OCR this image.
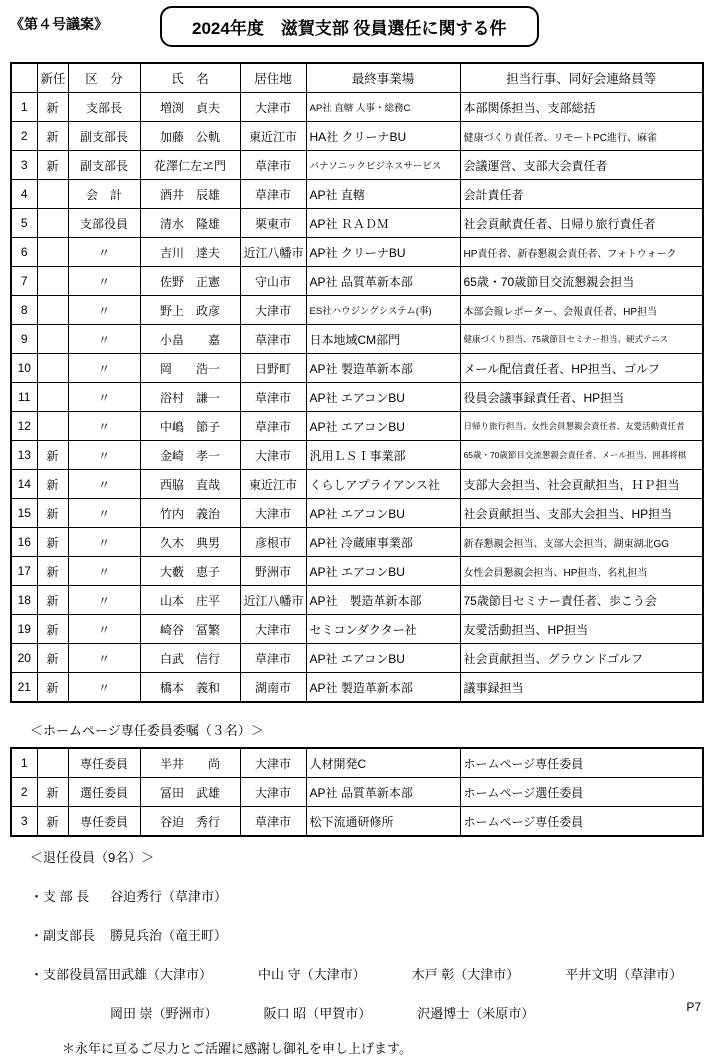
《第４号議案》	2024年度　滋賀支部 役員選任に関する件
	新任	区　分	氏　名	居住地	最終事業場	担当行事、同好会連絡員等
1	新	支部長	増渕　貞夫	大津市	AP社 直轄 人事・総務C	本部関係担当、支部総括
2	新	副支部長	加藤　公軌	東近江市	HA社 クリーナBU	健康づくり責任者、リモートPC進行、麻雀
3	新	副支部長	花澤仁左ヱ門	草津市	パナソニックビジネスサービス	会議運営、支部大会責任者
4		会　計	酒井　辰雄	草津市	AP社 直轄	会計責任者
5		支部役員	清水　隆雄	栗東市	AP社 ＲＡＤＭ	社会貢献責任者、日帰り旅行責任者
6		〃	吉川　達夫	近江八幡市	AP社 クリーナBU	HP責任者、新春懇親会責任者、フォトウォーク
7		〃	佐野　正憲	守山市	AP社 品質革新本部	65歳・70歳節目交流懇親会担当
8		〃	野上　政彦	大津市	ES社ハウジングシステム(事)	本部会報レポーター、会報責任者、HP担当
9		〃	小畠　　嘉	草津市	日本地域CM部門	健康づくり担当、75歳節目セミナー担当、硬式テニス
10		〃	岡　　浩一	日野町	AP社 製造革新本部	メール配信責任者、HP担当、ゴルフ
11		〃	浴村　謙一	草津市	AP社 エアコンBU	役員会議事録責任者、HP担当
12		〃	中嶋　節子	草津市	AP社 エアコンBU	日帰り旅行担当、女性会員懇親会責任者、友愛活動責任者
13	新	〃	金崎　孝一	大津市	汎用ＬＳＩ事業部	65歳・70歳節目交流懇親会責任者、メール担当、囲碁将棋
14	新	〃	西脇　直哉	東近江市	くらしアプライアンス社	支部大会担当、社会貢献担当，ＨＰ担当
15	新	〃	竹内　義治	大津市	AP社 エアコンBU	社会貢献担当、支部大会担当、HP担当
16	新	〃	久木　典男	彦根市	AP社 冷蔵庫事業部	新春懇親会担当、支部大会担当、湖東湖北GG
17	新	〃	大藪　恵子	野洲市	AP社 エアコンBU	女性会員懇親会担当、HP担当、名札担当
18	新	〃	山本　庄平	近江八幡市	AP社　製造革新本部	75歳節目セミナー責任者、歩こう会
19	新	〃	崎谷　冨繁	大津市	セミコンダクター社	友愛活動担当、HP担当
20	新	〃	白武　信行	草津市	AP社 エアコンBU	社会貢献担当、グラウンドゴルフ
21	新	〃	橋本　義和	湖南市	AP社 製造革新本部	議事録担当
＜ホームページ専任委員委嘱（３名）＞
1		専任委員	半井　　尚	大津市	人材開発C	ホームページ専任委員
2	新	選任委員	冨田　武雄	大津市	AP社 品質革新本部	ホームページ選任委員
3	新	専任委員	谷迫　秀行	草津市	松下流通研修所	ホームページ専任委員
＜退任役員（9名）＞
・支 部 長	谷迫秀行（草津市）
・副支部長	勝見兵治（竜王町）
・支部役員 冨田武雄（大津市）	中山 守（大津市）	木戸 彰（大津市）	平井文明（草津市）
岡田 崇（野洲市）	阪口 昭（甲賀市）	沢邉博士（米原市）
＊永年に亘るご尽力とご活躍に感謝し御礼を申し上げます。
P7
